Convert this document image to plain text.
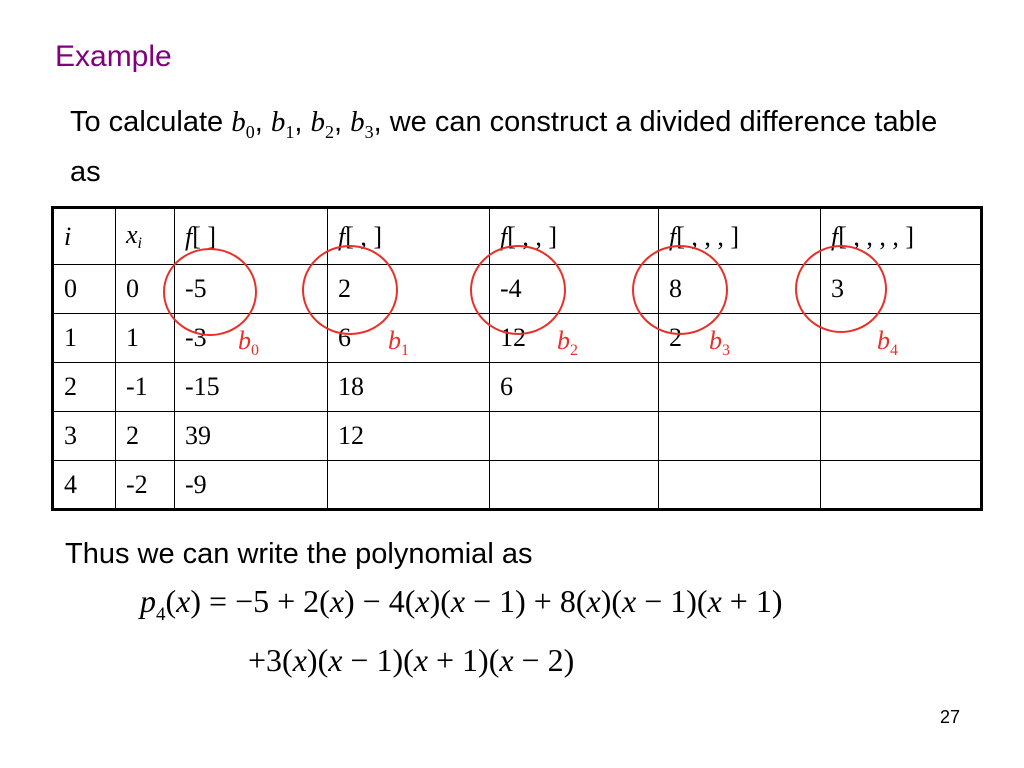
Example
To calculate $b_0$, $b_1$, $b_2$, $b_3$, we can construct a divided difference table as
i	$x_i$	f[ ]	f[ , ]	f[ , , ]	f[ , , , ]	f[ , , , , ]
0	0	-5	2	-4	8	3
1	1	-3	6	12	2	
2	-1	-15	18	6		
3	2	39	12			
4	-2	-9				
$b_0$	$b_1$	$b_2$	$b_3$	$b_4$
Thus we can write the polynomial as
$p_4(x) = -5 + 2(x) - 4(x)(x - 1) + 8(x)(x - 1)(x + 1)$
+3(x)(x − 1)(x + 1)(x − 2)
27
